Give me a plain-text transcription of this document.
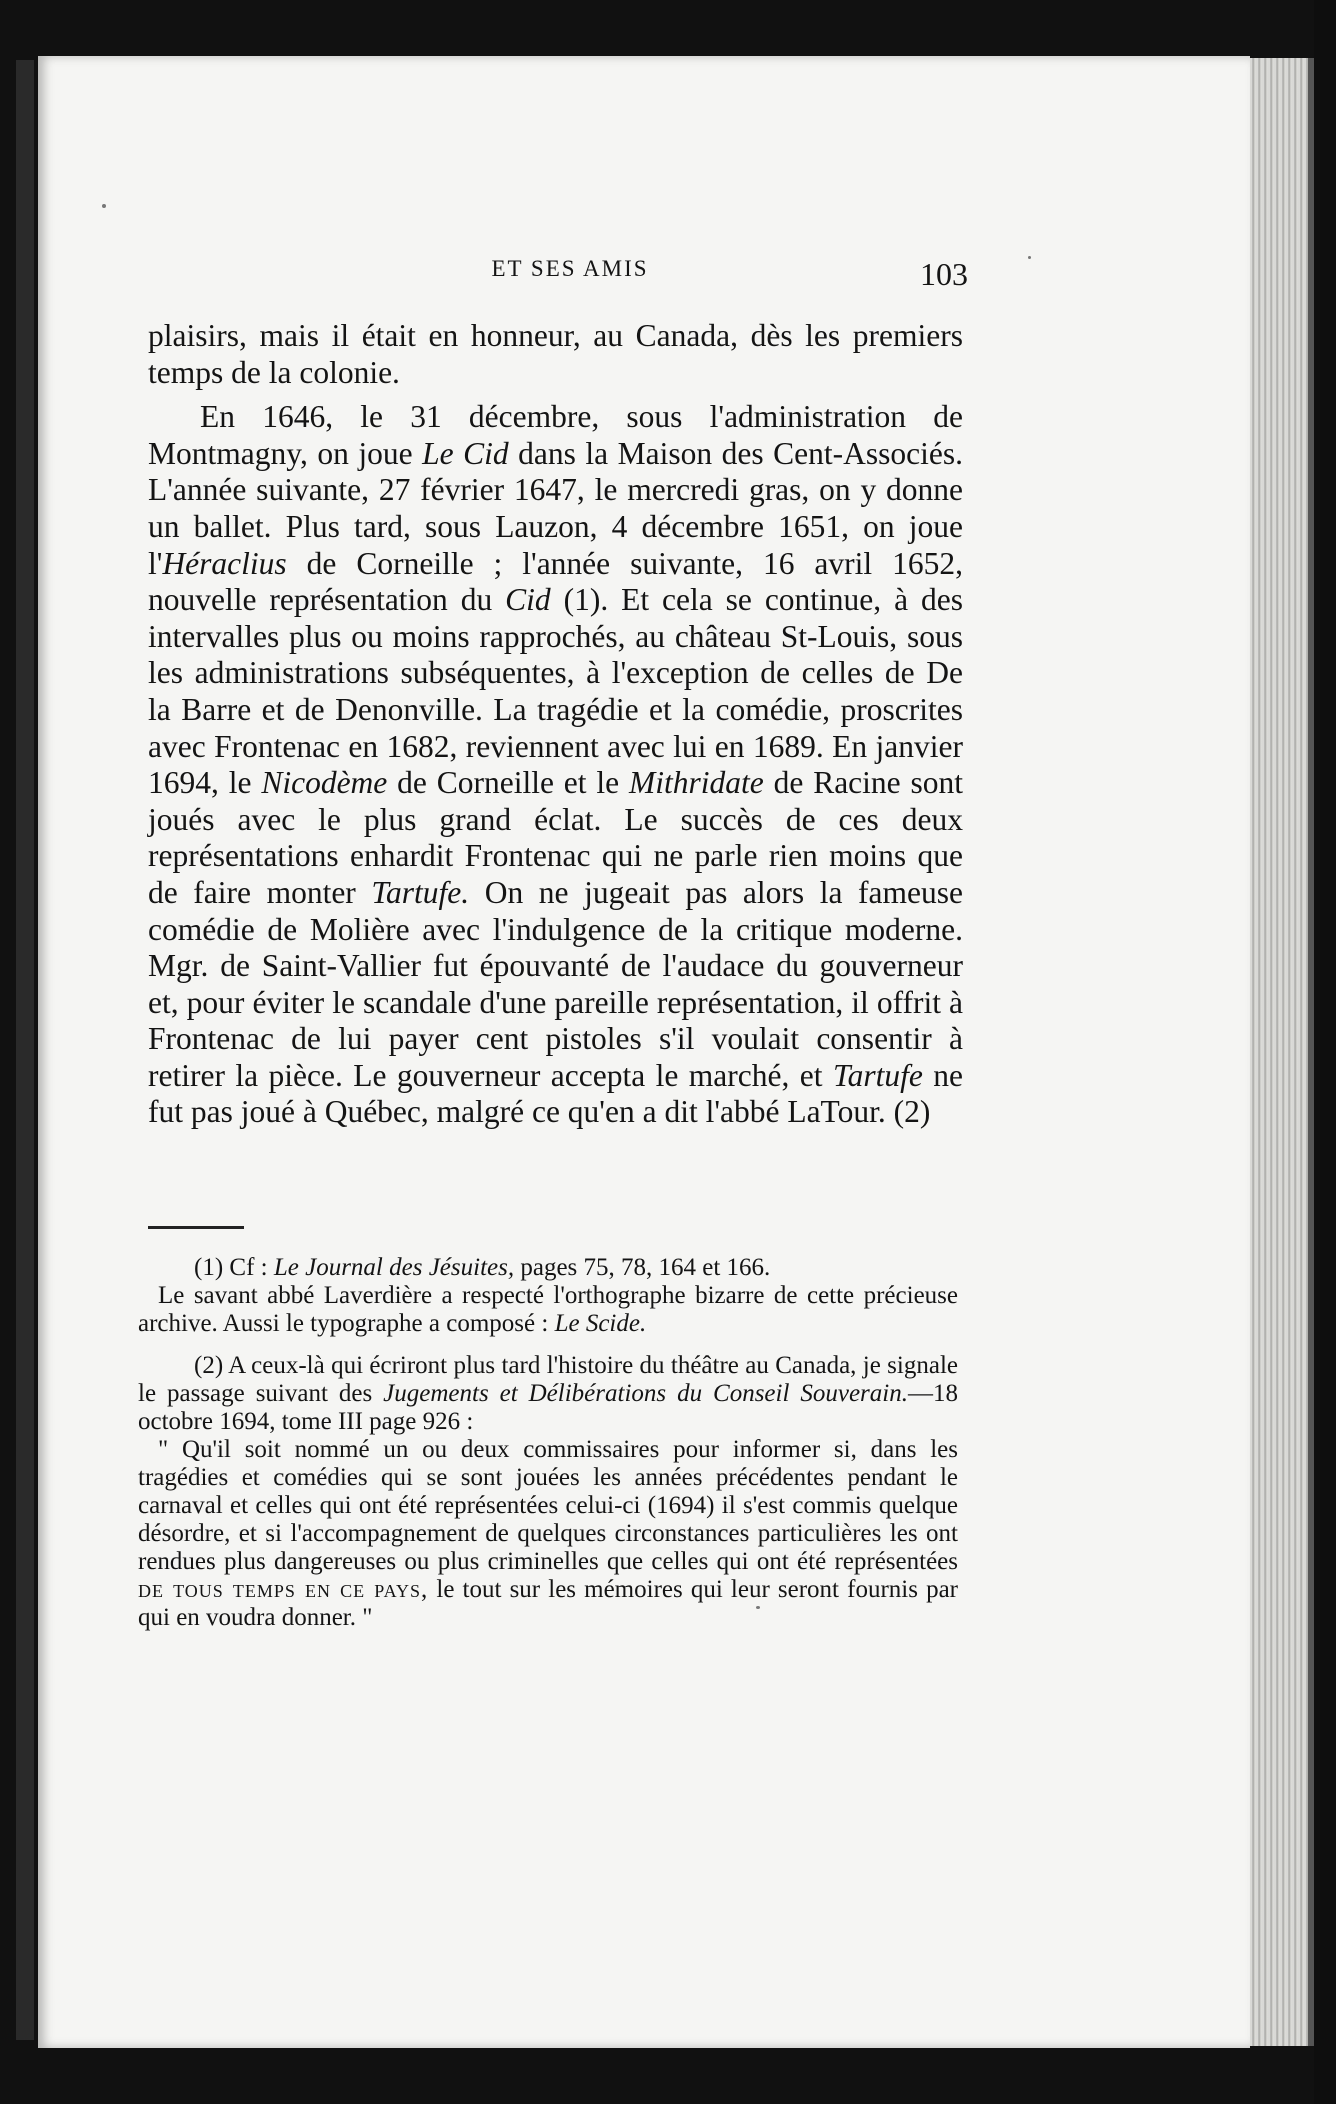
ET SES AMIS	103

plaisirs, mais il était en honneur, au Canada, dès les premiers temps de la colonie.

En 1646, le 31 décembre, sous l'administration de Montmagny, on joue Le Cid dans la Maison des Cent-Associés. L'année suivante, 27 février 1647, le mercredi gras, on y donne un ballet. Plus tard, sous Lauzon, 4 décembre 1651, on joue l'Héraclius de Corneille ; l'année suivante, 16 avril 1652, nouvelle représentation du Cid (1). Et cela se continue, à des intervalles plus ou moins rapprochés, au château St-Louis, sous les administrations subséquentes, à l'exception de celles de De la Barre et de Denonville. La tragédie et la comédie, proscrites avec Frontenac en 1682, reviennent avec lui en 1689. En janvier 1694, le Nicodème de Corneille et le Mithridate de Racine sont joués avec le plus grand éclat. Le succès de ces deux représentations enhardit Frontenac qui ne parle rien moins que de faire monter Tartufe. On ne jugeait pas alors la fameuse comédie de Molière avec l'indulgence de la critique moderne. Mgr. de Saint-Vallier fut épouvanté de l'audace du gouverneur et, pour éviter le scandale d'une pareille représentation, il offrit à Frontenac de lui payer cent pistoles s'il voulait consentir à retirer la pièce. Le gouverneur accepta le marché, et Tartufe ne fut pas joué à Québec, malgré ce qu'en a dit l'abbé LaTour. (2)

(1) Cf : Le Journal des Jésuites, pages 75, 78, 164 et 166.

Le savant abbé Laverdière a respecté l'orthographe bizarre de cette précieuse archive. Aussi le typographe a composé : Le Scide.

(2) A ceux-là qui écriront plus tard l'histoire du théâtre au Canada, je signale le passage suivant des Jugements et Délibérations du Conseil Souverain.—18 octobre 1694, tome III page 926 :

" Qu'il soit nommé un ou deux commissaires pour informer si, dans les tragédies et comédies qui se sont jouées les années précédentes pendant le carnaval et celles qui ont été représentées celui-ci (1694) il s'est commis quelque désordre, et si l'accompagnement de quelques circonstances particulières les ont rendues plus dangereuses ou plus criminelles que celles qui ont été représentées de tous temps en ce pays, le tout sur les mémoires qui leur seront fournis par qui en voudra donner. "
